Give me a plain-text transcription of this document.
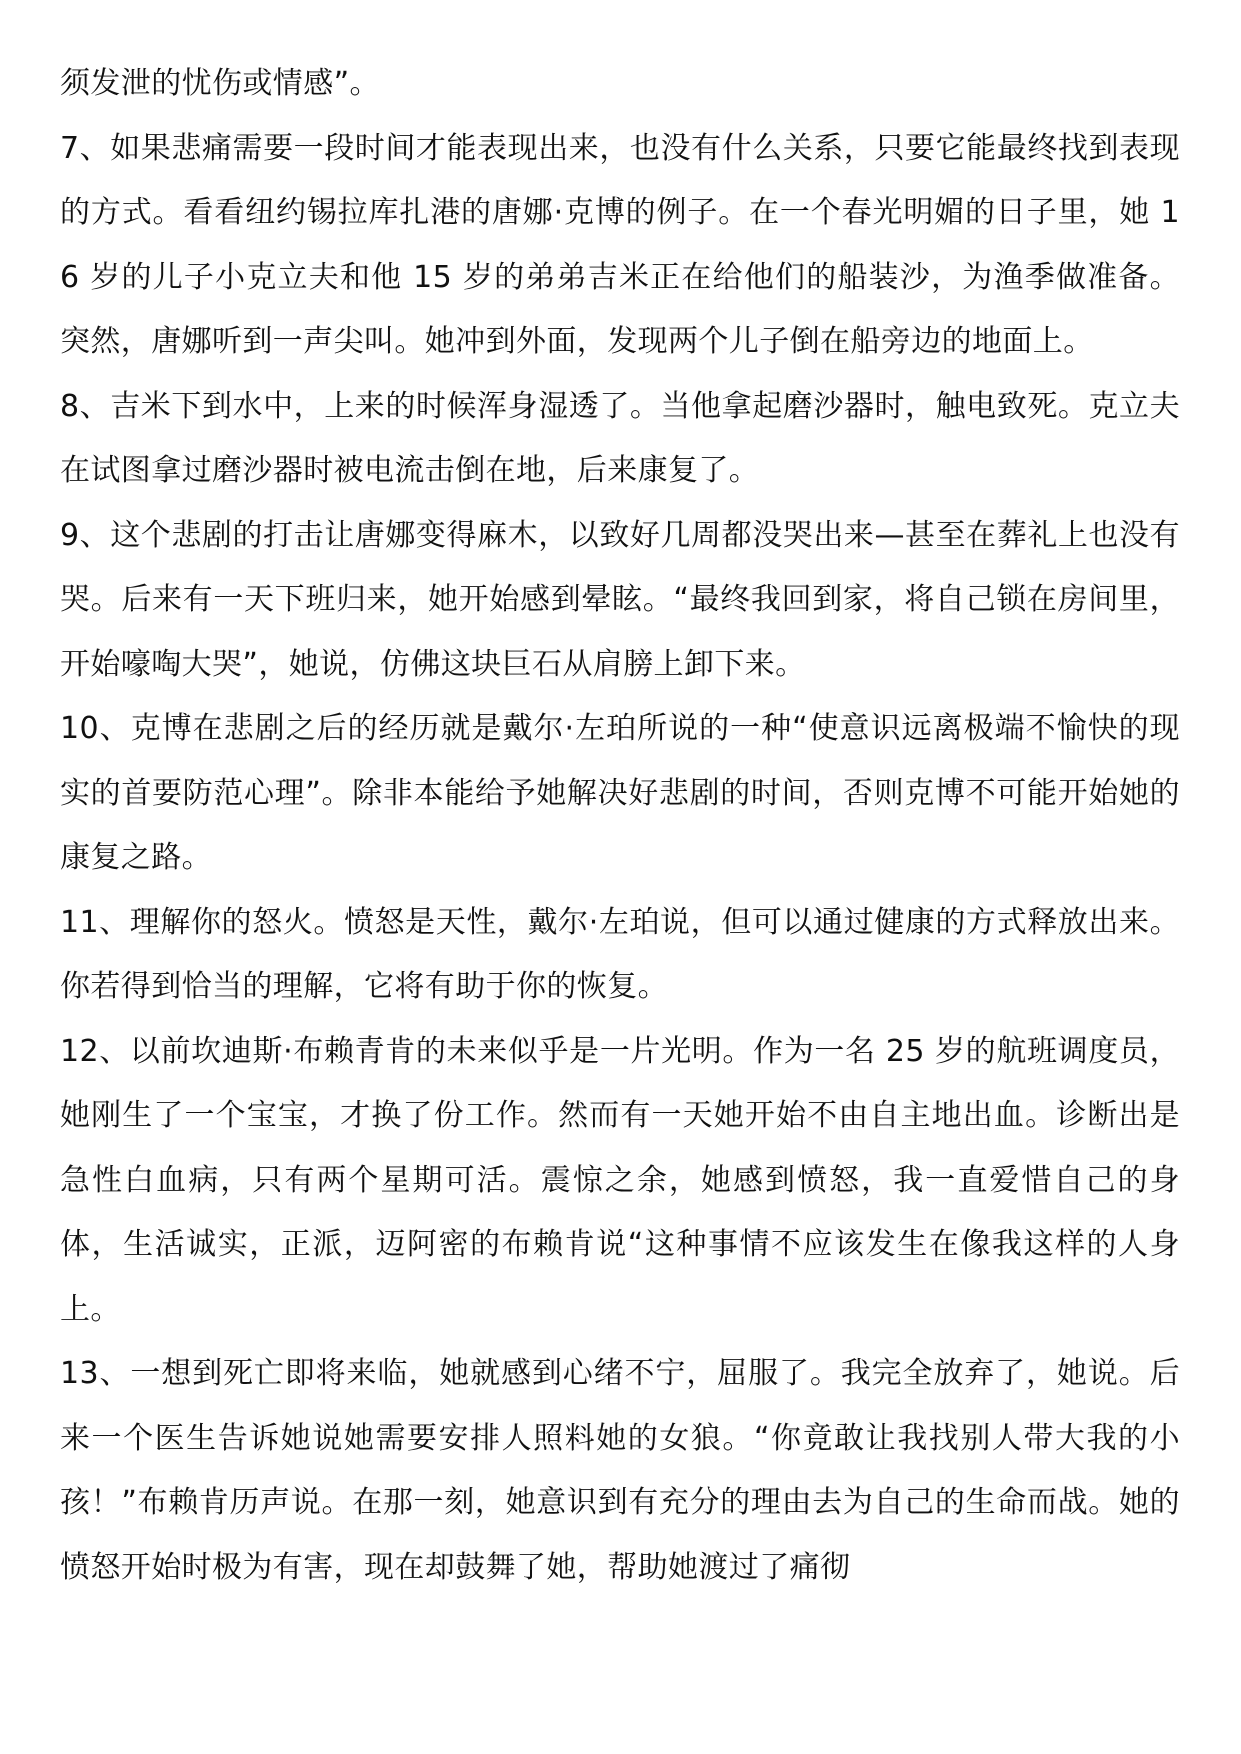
须发泄的忧伤或情感”。

7、如果悲痛需要一段时间才能表现出来，也没有什么关系，只要它能最终找到表现的方式。看看纽约锡拉库扎港的唐娜·克博的例子。在一个春光明媚的日子里，她 16 岁的儿子小克立夫和他 15 岁的弟弟吉米正在给他们的船装沙，为渔季做准备。突然，唐娜听到一声尖叫。她冲到外面，发现两个儿子倒在船旁边的地面上。

8、吉米下到水中，上来的时候浑身湿透了。当他拿起磨沙器时，触电致死。克立夫在试图拿过磨沙器时被电流击倒在地，后来康复了。

9、这个悲剧的打击让唐娜变得麻木，以致好几周都没哭出来—甚至在葬礼上也没有哭。后来有一天下班归来，她开始感到晕眩。“最终我回到家，将自己锁在房间里，开始嚎啕大哭”，她说，仿佛这块巨石从肩膀上卸下来。

10、克博在悲剧之后的经历就是戴尔·左珀所说的一种“使意识远离极端不愉快的现实的首要防范心理”。除非本能给予她解决好悲剧的时间，否则克博不可能开始她的康复之路。

11、理解你的怒火。愤怒是天性，戴尔·左珀说，但可以通过健康的方式释放出来。你若得到恰当的理解，它将有助于你的恢复。

12、以前坎迪斯·布赖青肯的未来似乎是一片光明。作为一名 25 岁的航班调度员，她刚生了一个宝宝，才换了份工作。然而有一天她开始不由自主地出血。诊断出是急性白血病，只有两个星期可活。震惊之余，她感到愤怒，我一直爱惜自己的身体，生活诚实，正派，迈阿密的布赖肯说“这种事情不应该发生在像我这样的人身上。

13、一想到死亡即将来临，她就感到心绪不宁，屈服了。我完全放弃了，她说。后来一个医生告诉她说她需要安排人照料她的女狼。“你竟敢让我找别人带大我的小孩！”布赖肯历声说。在那一刻，她意识到有充分的理由去为自己的生命而战。她的愤怒开始时极为有害，现在却鼓舞了她，帮助她渡过了痛彻
